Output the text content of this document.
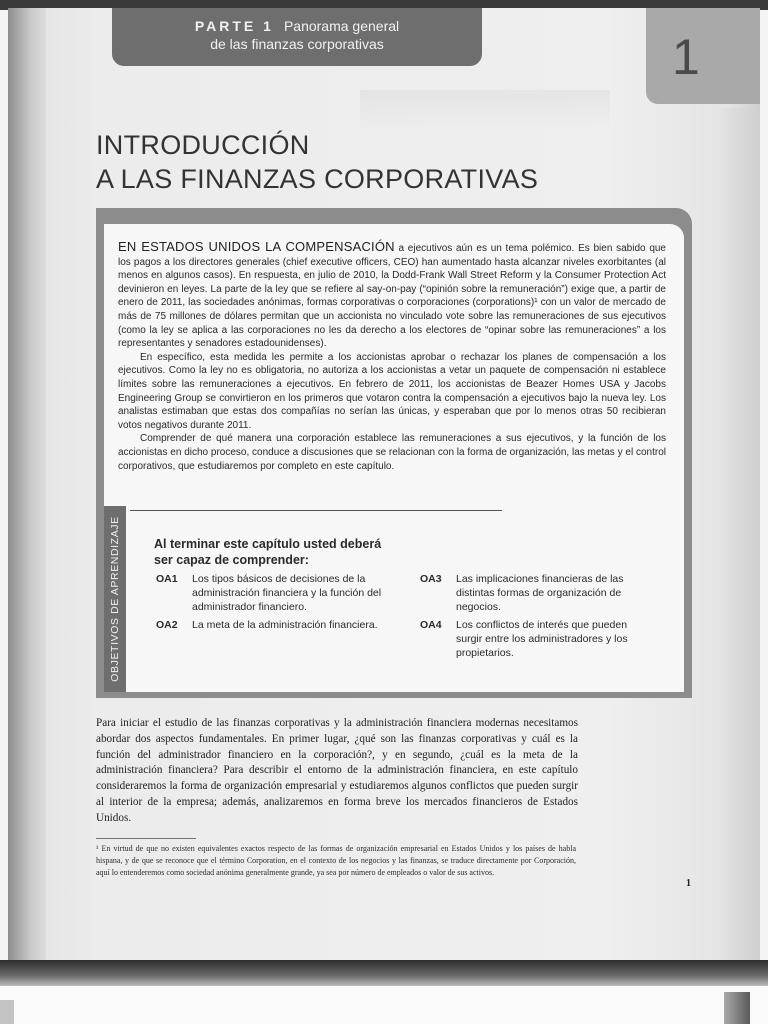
PARTE 1 Panorama general
de las finanzas corporativas	1
INTRODUCCIÓN
A LAS FINANZAS CORPORATIVAS

EN ESTADOS UNIDOS LA COMPENSACIÓN a ejecutivos aún es un tema polémico. Es bien sabido que los pagos a los directores generales (chief executive officers, CEO) han aumentado hasta alcanzar niveles exorbitantes (al menos en algunos casos). En respuesta, en julio de 2010, la Dodd-Frank Wall Street Reform y la Consumer Protection Act devinieron en leyes. La parte de la ley que se refiere al say-on-pay (“opinión sobre la remuneración”) exige que, a partir de enero de 2011, las sociedades anónimas, formas corporativas o corporaciones (corporations)¹ con un valor de mercado de más de 75 millones de dólares permitan que un accionista no vinculado vote sobre las remuneraciones de sus ejecutivos (como la ley se aplica a las corporaciones no les da derecho a los electores de “opinar sobre las remuneraciones” a los representantes y senadores estadounidenses).

En específico, esta medida les permite a los accionistas aprobar o rechazar los planes de compensación a los ejecutivos. Como la ley no es obligatoria, no autoriza a los accionistas a vetar un paquete de compensación ni establece límites sobre las remuneraciones a ejecutivos. En febrero de 2011, los accionistas de Beazer Homes USA y Jacobs Engineering Group se convirtieron en los primeros que votaron contra la compensación a ejecutivos bajo la nueva ley. Los analistas estimaban que estas dos compañías no serían las únicas, y esperaban que por lo menos otras 50 recibieran votos negativos durante 2011.

Comprender de qué manera una corporación establece las remuneraciones a sus ejecutivos, y la función de los accionistas en dicho proceso, conduce a discusiones que se relacionan con la forma de organización, las metas y el control corporativos, que estudiaremos por completo en este capítulo.

OBJETIVOS DE APRENDIZAJE	Al terminar este capítulo usted deberá
ser capaz de comprender:
OA1 Los tipos básicos de decisiones de la administración financiera y la función del administrador financiero.
OA2 La meta de la administración financiera.
OA3 Las implicaciones financieras de las distintas formas de organización de negocios.
OA4 Los conflictos de interés que pueden surgir entre los administradores y los propietarios.

Para iniciar el estudio de las finanzas corporativas y la administración financiera modernas necesitamos abordar dos aspectos fundamentales. En primer lugar, ¿qué son las finanzas corporativas y cuál es la función del administrador financiero en la corporación?, y en segundo, ¿cuál es la meta de la administración financiera? Para describir el entorno de la administración financiera, en este capítulo consideraremos la forma de organización empresarial y estudiaremos algunos conflictos que pueden surgir al interior de la empresa; además, analizaremos en forma breve los mercados financieros de Estados Unidos.

¹ En virtud de que no existen equivalentes exactos respecto de las formas de organización empresarial en Estados Unidos y los países de habla hispana, y de que se reconoce que el término Corporation, en el contexto de los negocios y las finanzas, se traduce directamente por Corporación, aquí lo entenderemos como sociedad anónima generalmente grande, ya sea por número de empleados o valor de sus activos.

1
